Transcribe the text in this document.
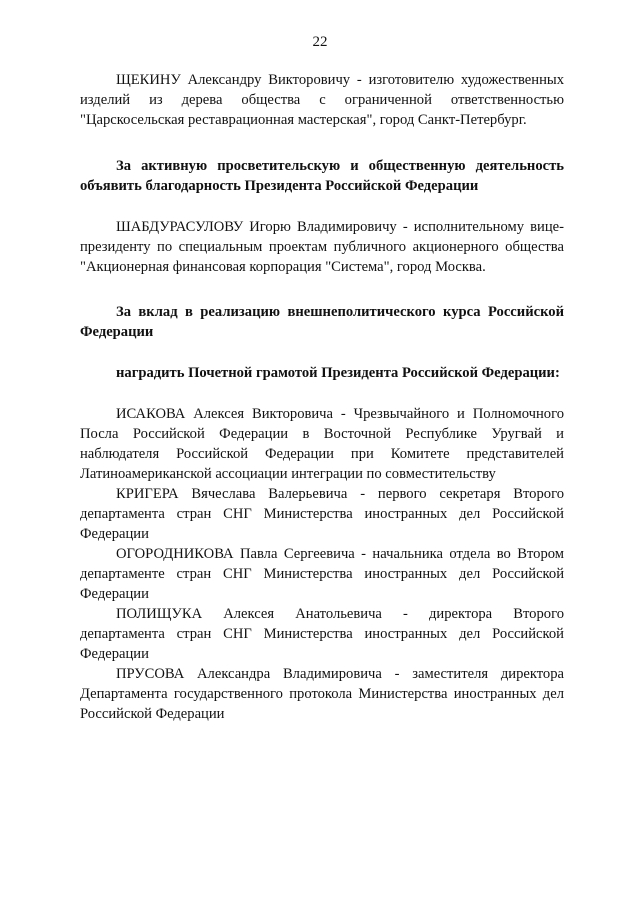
22

ЩЕКИНУ Александру Викторовичу - изготовителю художественных изделий из дерева общества с ограниченной ответственностью "Царскосельская реставрационная мастерская", город Санкт-Петербург.

За активную просветительскую и общественную деятельность объявить благодарность Президента Российской Федерации

ШАБДУРАСУЛОВУ Игорю Владимировичу - исполнительному вице-президенту по специальным проектам публичного акционерного общества "Акционерная финансовая корпорация "Система", город Москва.

За вклад в реализацию внешнеполитического курса Российской Федерации

наградить Почетной грамотой Президента Российской Федерации:

ИСАКОВА Алексея Викторовича - Чрезвычайного и Полномочного Посла Российской Федерации в Восточной Республике Уругвай и наблюдателя Российской Федерации при Комитете представителей Латиноамериканской ассоциации интеграции по совместительству

КРИГЕРА Вячеслава Валерьевича - первого секретаря Второго департамента стран СНГ Министерства иностранных дел Российской Федерации

ОГОРОДНИКОВА Павла Сергеевича - начальника отдела во Втором департаменте стран СНГ Министерства иностранных дел Российской Федерации

ПОЛИЩУКА Алексея Анатольевича - директора Второго департамента стран СНГ Министерства иностранных дел Российской Федерации

ПРУСОВА Александра Владимировича - заместителя директора Департамента государственного протокола Министерства иностранных дел Российской Федерации
